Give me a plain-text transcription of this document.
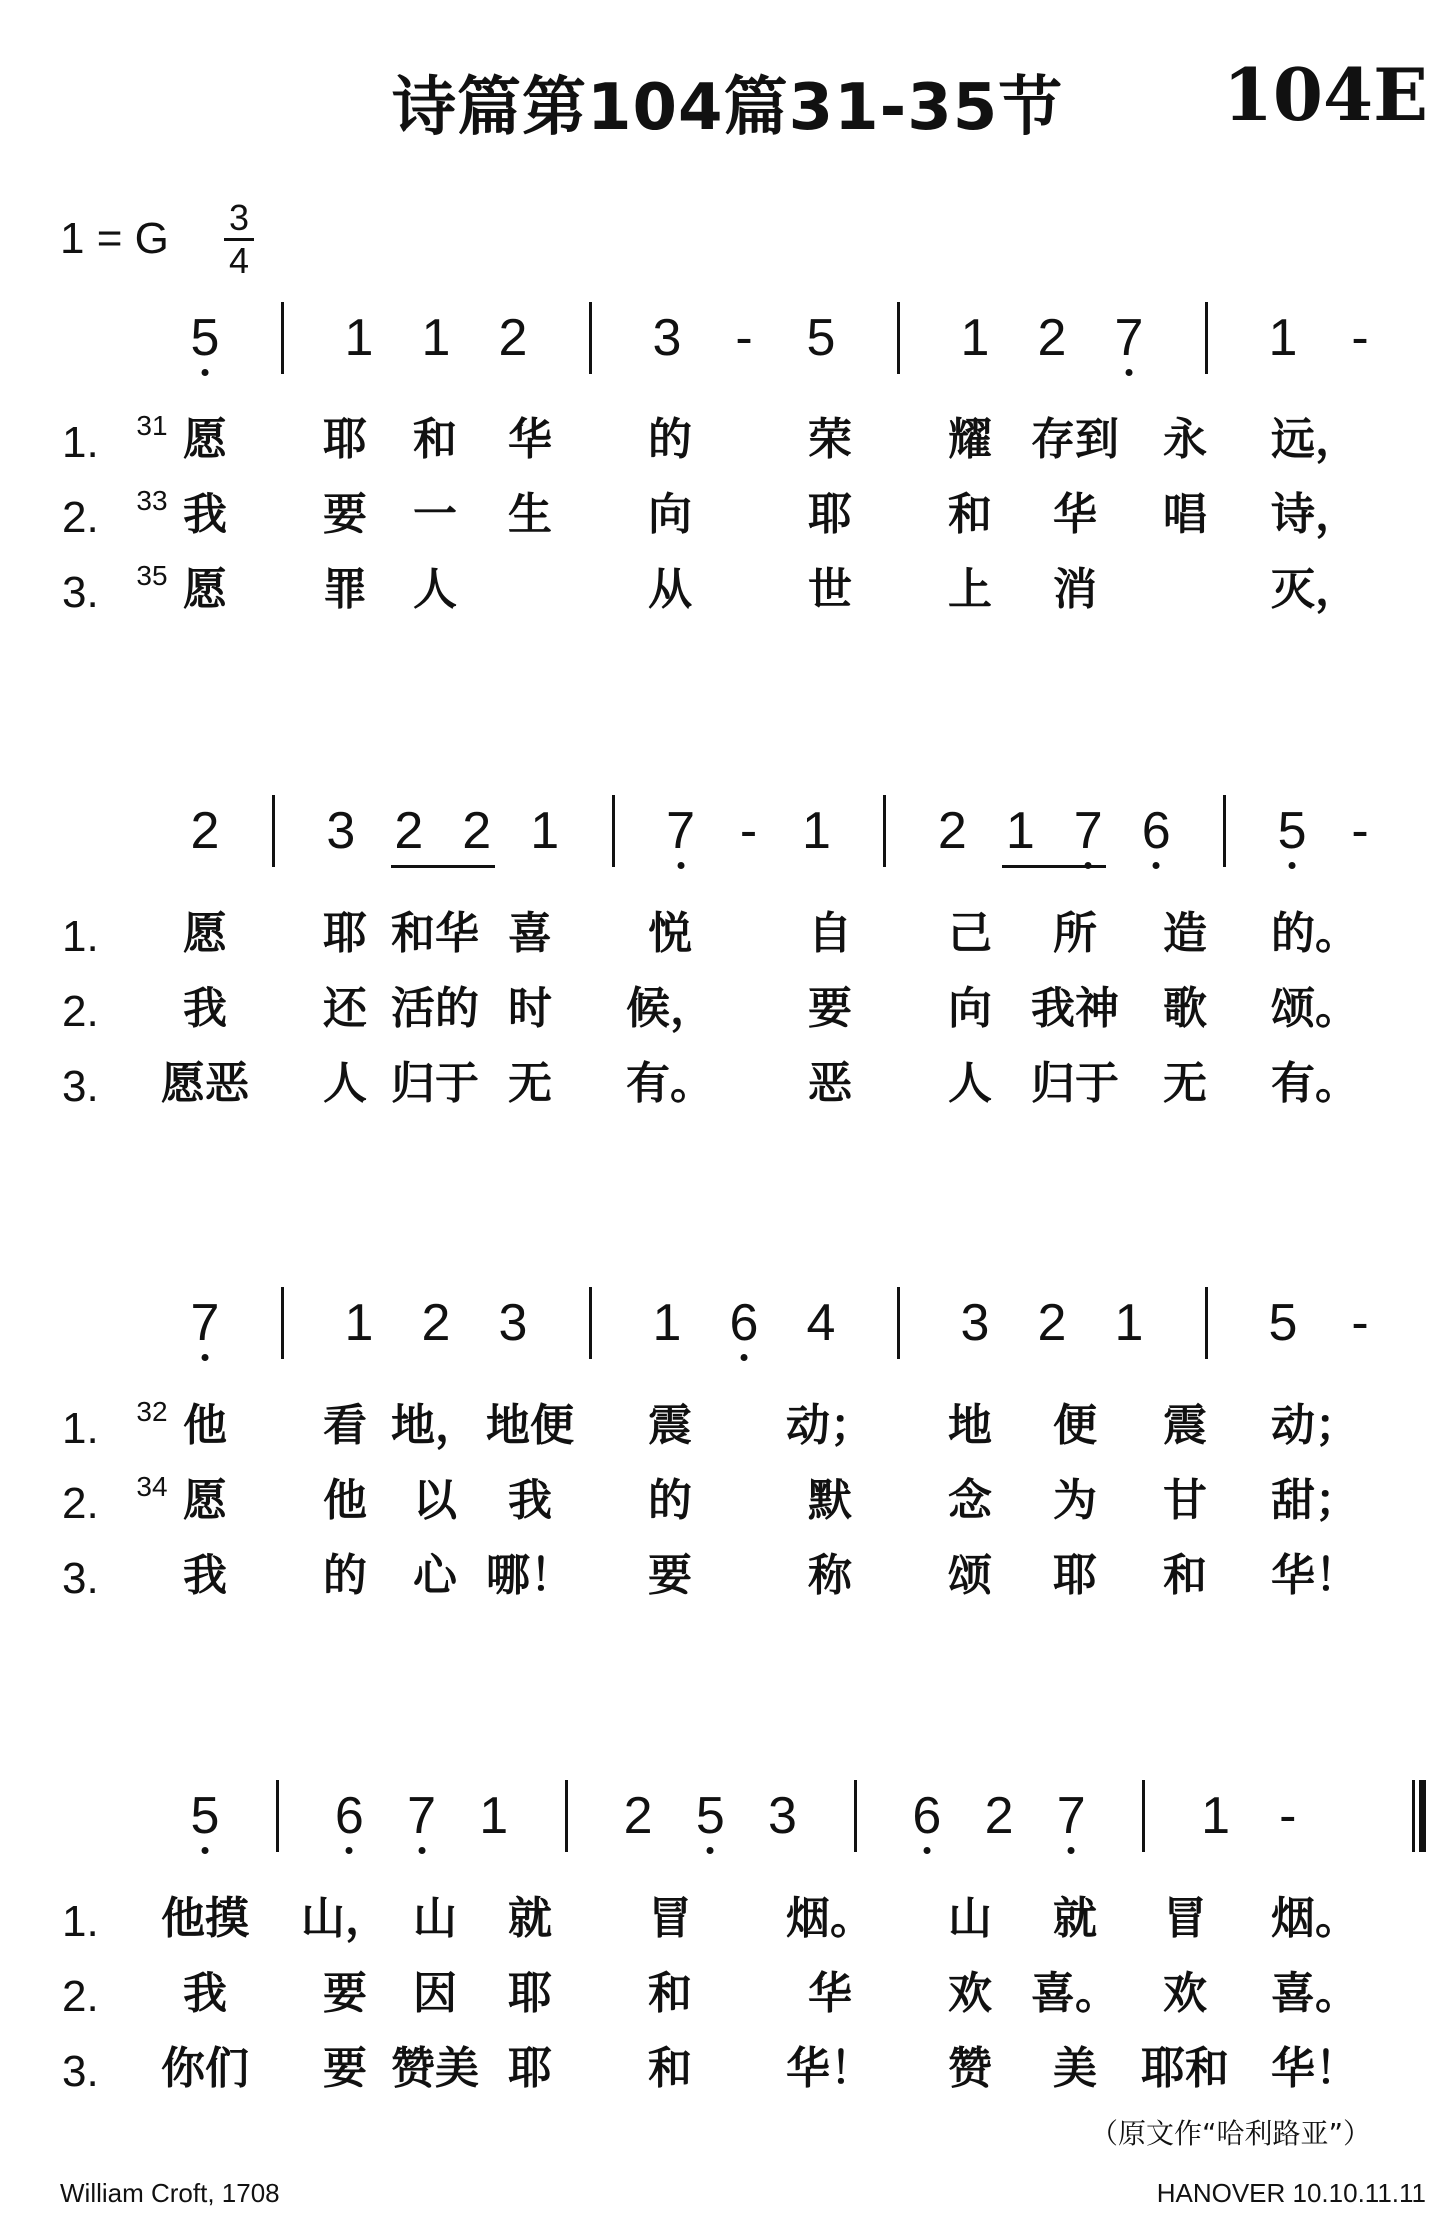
诗篇第104篇31-35节 104E
1 = G 3
4
5 1 1 2 3 - 5 1 2 7 1 -
1. 31 愿 耶 和 华 的	荣 耀 存到 永 远，
2. 33 我 要 一 生 向	耶 和 华 唱 诗，
3. 35 愿 罪 人	从	世 上 消	灭，
2 3 2 2 1 7 - 1 2 1 7 6 5 -
1. 愿 耶 和华 喜 悦	自 己 所 造 的。
2. 我 还 活的 时 候， 要 向 我神 歌 颂。
3. 愿恶 人 归于 无 有。 恶 人 归于 无 有。
7 1 2 3 1 6 4 3 2 1 5 -
1. 32 他 看 地， 地便 震 动； 地 便 震 动；
2. 34 愿 他 以 我 的	默 念 为 甘 甜；
3. 我 的 心 哪！ 要	称 颂 耶 和 华！
5 6 7 1 2 5 3 6 2 7 1 -
1. 他摸 山， 山 就 冒 烟。 山 就 冒 烟。
2. 我 要 因 耶 和	华 欢 喜。 欢 喜。
3. 你们 要 赞美 耶 和 华！ 赞 美 耶和 华！
（原文作“哈利路亚”）
William Croft, 1708	HANOVER 10.10.11.11
